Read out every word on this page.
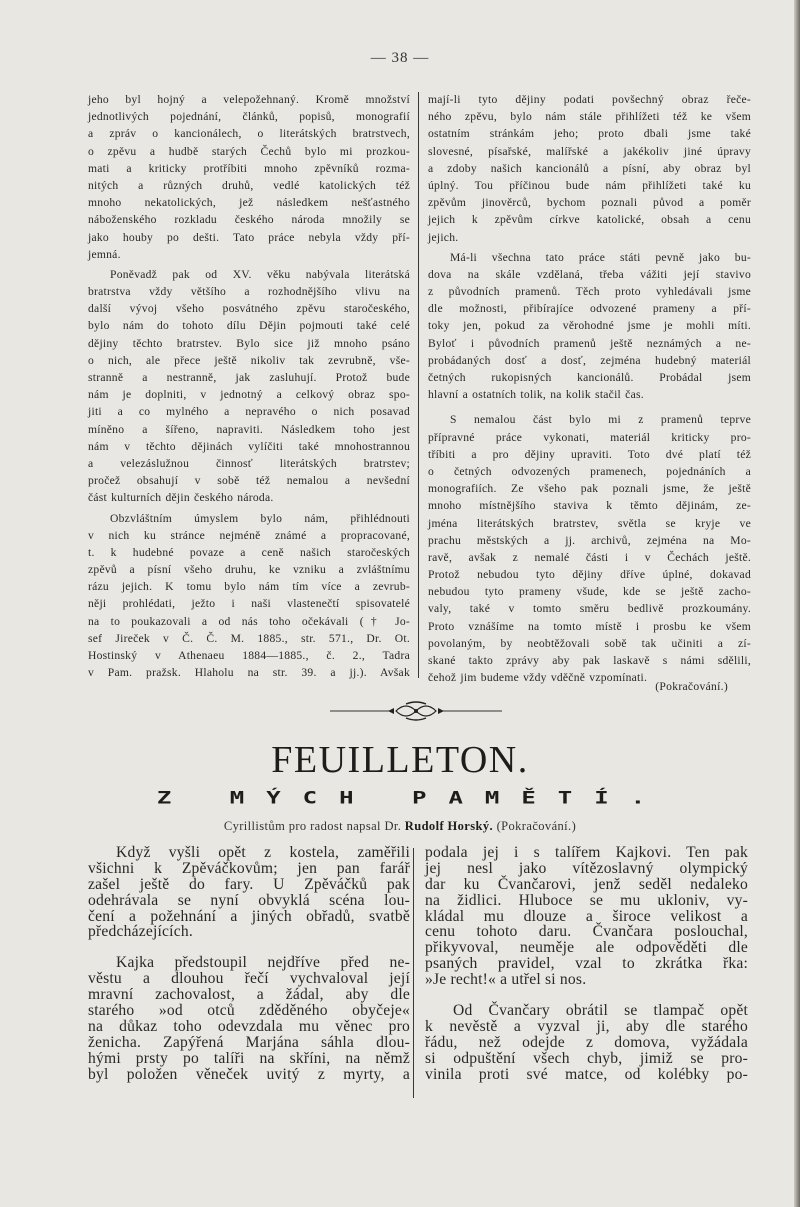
— 38 —
jeho byl hojný a velepožehnaný. Kromě množství
jednotlivých pojednání, článků, popisů, monografií
a zpráv o kancionálech, o literátských bratrstvech,
o zpěvu a hudbě starých Čechů bylo mi prozkou-
mati a kriticky protříbiti mnoho zpěvníků rozma-
nitých a různých druhů, vedlé katolických též
mnoho nekatolických, jež následkem nešťastného
náboženského rozkladu českého národa množily se
jako houby po dešti. Tato práce nebyla vždy pří-
jemná.
Poněvadž pak od XV. věku nabývala literátská
bratrstva vždy většího a rozhodnějšího vlivu na
další vývoj všeho posvátného zpěvu staročeského,
bylo nám do tohoto dílu Dějin pojmouti také celé
dějiny těchto bratrstev. Bylo sice již mnoho psáno
o nich, ale přece ještě nikoliv tak zevrubně, vše-
stranně a nestranně, jak zasluhují. Protož bude
nám je doplniti, v jednotný a celkový obraz spo-
jiti a co mylného a nepravého o nich posavad
míněno a šířeno, napraviti. Následkem toho jest
nám v těchto dějinách vylíčiti také mnohostrannou
a velezáslužnou činnosť literátských bratrstev;
pročež obsahují v sobě též nemalou a nevšední
část kulturních dějin českého národa.
Obzvláštním úmyslem bylo nám, přihlédnouti
v nich ku stránce nejméně známé a propracované,
t. k hudebné povaze a ceně našich staročeských
zpěvů a písní všeho druhu, ke vzniku a zvláštnímu
rázu jejich. K tomu bylo nám tím více a zevrub-
něji prohlédati, ježto i naši vlastenečtí spisovatelé
na to poukazovali a od nás toho očekávali († Jo-
sef Jireček v Č. Č. M. 1885., str. 571., Dr. Ot.
Hostinský v Athenaeu 1884—1885., č. 2., Tadra
v Pam. pražsk. Hlaholu na str. 39. a jj.). Avšak
mají-li tyto dějiny podati povšechný obraz řeče-
ného zpěvu, bylo nám stále přihlížeti též ke všem
ostatním stránkám jeho; proto dbali jsme také
slovesné, písařské, malířské a jakékoliv jiné úpravy
a zdoby našich kancionálů a písní, aby obraz byl
úplný. Tou příčinou bude nám přihlížeti také ku
zpěvům jinověrců, bychom poznali původ a poměr
jejich k zpěvům církve katolické, obsah a cenu
jejich.
Má-li všechna tato práce státi pevně jako bu-
dova na skále vzdělaná, třeba vážiti její stavivo
z původních pramenů. Těch proto vyhledávali jsme
dle možnosti, přibírajíce odvozené prameny a pří-
toky jen, pokud za věrohodné jsme je mohli míti.
Byloť i původních pramenů ještě neznámých a ne-
probádaných dosť a dosť, zejména hudebný materiál
četných rukopisných kancionálů. Probádal jsem
hlavní a ostatních tolik, na kolik stačil čas.
S nemalou část bylo mi z pramenů teprve
přípravné práce vykonati, materiál kriticky pro-
tříbiti a pro dějiny upraviti. Toto dvé platí též
o četných odvozených pramenech, pojednáních a
monografiích. Ze všeho pak poznali jsme, že ještě
mnoho místnějšího staviva k těmto dějinám, ze-
jména literátských bratrstev, světla se kryje ve
prachu městských a jj. archivů, zejména na Mo-
ravě, avšak z nemalé části i v Čechách ještě.
Protož nebudou tyto dějiny dříve úplné, dokavad
nebudou tyto prameny všude, kde se ještě zacho-
valy, také v tomto směru bedlivě prozkoumány.
Proto vznášíme na tomto místě i prosbu ke všem
povolaným, by neobtěžovali sobě tak učiniti a zí-
skané takto zprávy aby pak laskavě s námi sdělili,
čehož jim budeme vždy vděčně vzpomínati.
(Pokračování.)
FEUILLETON.
Z MÝCH PAMĚTÍ.
Cyrillistům pro radost napsal Dr. Rudolf Horský. (Pokračování.)
Když vyšli opět z kostela, zaměřili
všichni k Zpěváčkovům; jen pan farář
zašel ještě do fary. U Zpěváčků pak
odehrávala se nyní obvyklá scéna lou-
čení a požehnání a jiných obřadů, svatbě
předcházejících.
Kajka předstoupil nejdříve před ne-
věstu a dlouhou řečí vychvaloval její
mravní zachovalost, a žádal, aby dle
starého »od otců zděděného obyčeje«
na důkaz toho odevzdala mu věnec pro
ženicha. Zapýřená Marjána sáhla dlou-
hými prsty po talíři na skříni, na němž
byl položen věneček uvitý z myrty, a
podala jej i s talířem Kajkovi. Ten pak
jej nesl jako vítězoslavný olympický
dar ku Čvančarovi, jenž seděl nedaleko
na židlici. Hluboce se mu ukloniv, vy-
kládal mu dlouze a široce velikost a
cenu tohoto daru. Čvančara poslouchal,
přikyvoval, neuměje ale odpověděti dle
psaných pravidel, vzal to zkrátka řka:
»Je recht!« a utřel si nos.
Od Čvančary obrátil se tlampač opět
k nevěstě a vyzval ji, aby dle starého
řádu, než odejde z domova, vyžádala
si odpuštění všech chyb, jimiž se pro-
vinila proti své matce, od kolébky po-
